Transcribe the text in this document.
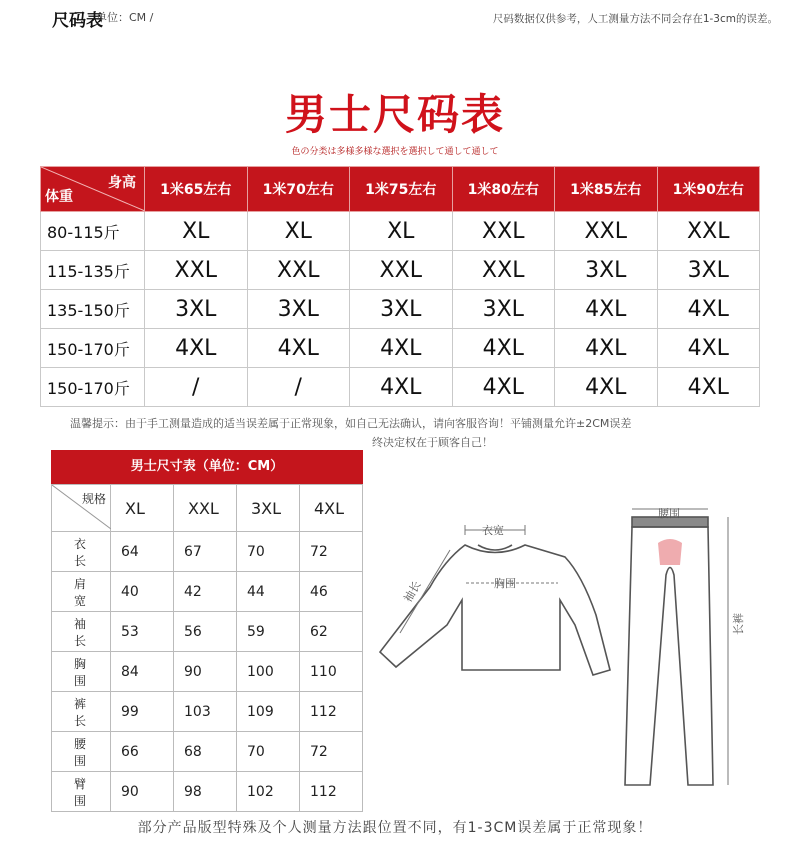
尺码表
单位：CM /	尺码数据仅供参考，人工测量方法不同会存在1-3cm的误差。
男士尺码表
色の分类は多様多様な選択を選択して通して通して
身高
体重	1米65左右	1米70左右	1米75左右	1米80左右	1米85左右	1米90左右
80-115斤	XL	XL	XL	XXL	XXL	XXL
115-135斤	XXL	XXL	XXL	XXL	3XL	3XL
135-150斤	3XL	3XL	3XL	3XL	4XL	4XL
150-170斤	4XL	4XL	4XL	4XL	4XL	4XL
150-170斤	/	/	4XL	4XL	4XL	4XL
温馨提示：由于手工测量造成的适当误差属于正常现象，如自己无法确认，请向客服咨询！平铺测量允许±2CM误差
终决定权在于顾客自己！
男士尺寸表（单位：CM）
规格	XL	XXL	3XL	4XL
衣长	64	67	70	72
肩宽	40	42	44	46
袖长	53	56	59	62
胸围	84	90	100	110
裤长	99	103	109	112
腰围	66	68	70	72
臂围	90	98	102	112
衣宽
胸围
袖长
腰围
长裤
部分产品版型特殊及个人测量方法跟位置不同，有1-3CM误差属于正常现象！
